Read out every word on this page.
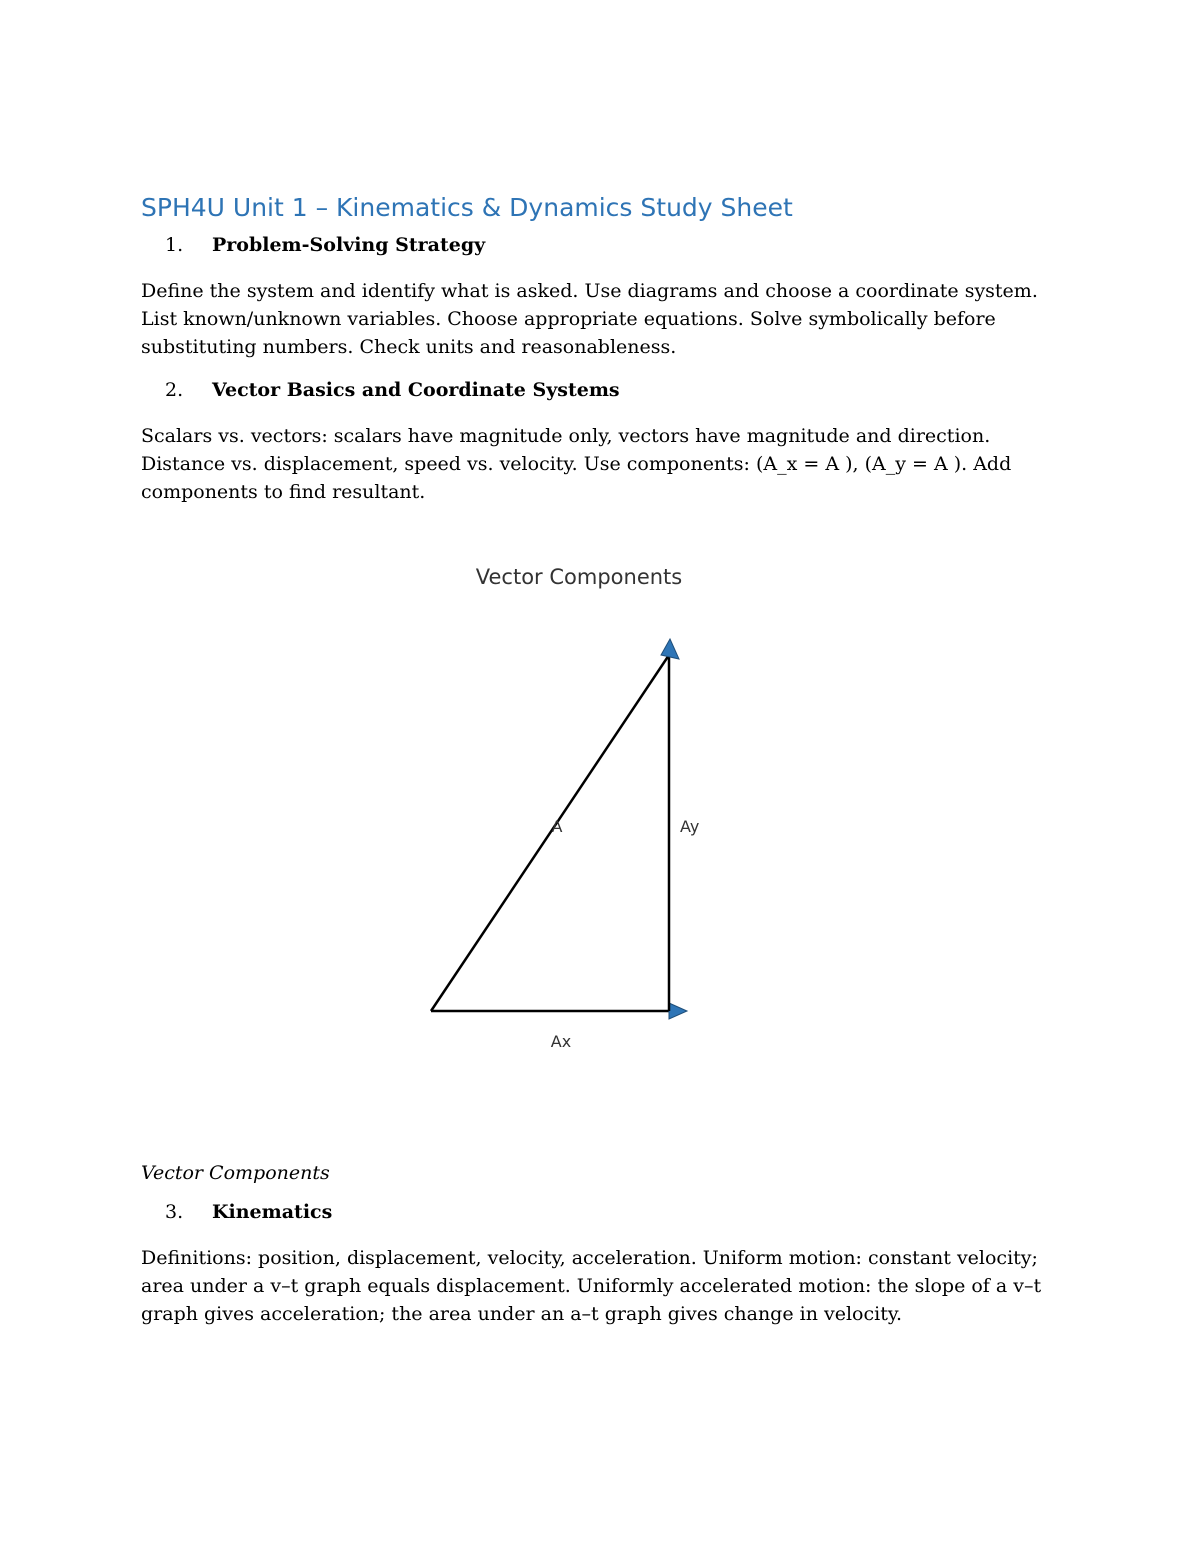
SPH4U Unit 1 – Kinematics & Dynamics Study Sheet
1. Problem-Solving Strategy

Define the system and identify what is asked. Use diagrams and choose a coordinate system. List known/unknown variables. Choose appropriate equations. Solve symbolically before substituting numbers. Check units and reasonableness.

2. Vector Basics and Coordinate Systems

Scalars vs. vectors: scalars have magnitude only, vectors have magnitude and direction. Distance vs. displacement, speed vs. velocity. Use components: (A_x = A ), (A_y = A ). Add components to find resultant.

Vector Components
A	Ay
Ax

Vector Components

3. Kinematics

Definitions: position, displacement, velocity, acceleration. Uniform motion: constant velocity; area under a v–t graph equals displacement. Uniformly accelerated motion: the slope of a v–t graph gives acceleration; the area under an a–t graph gives change in velocity.
